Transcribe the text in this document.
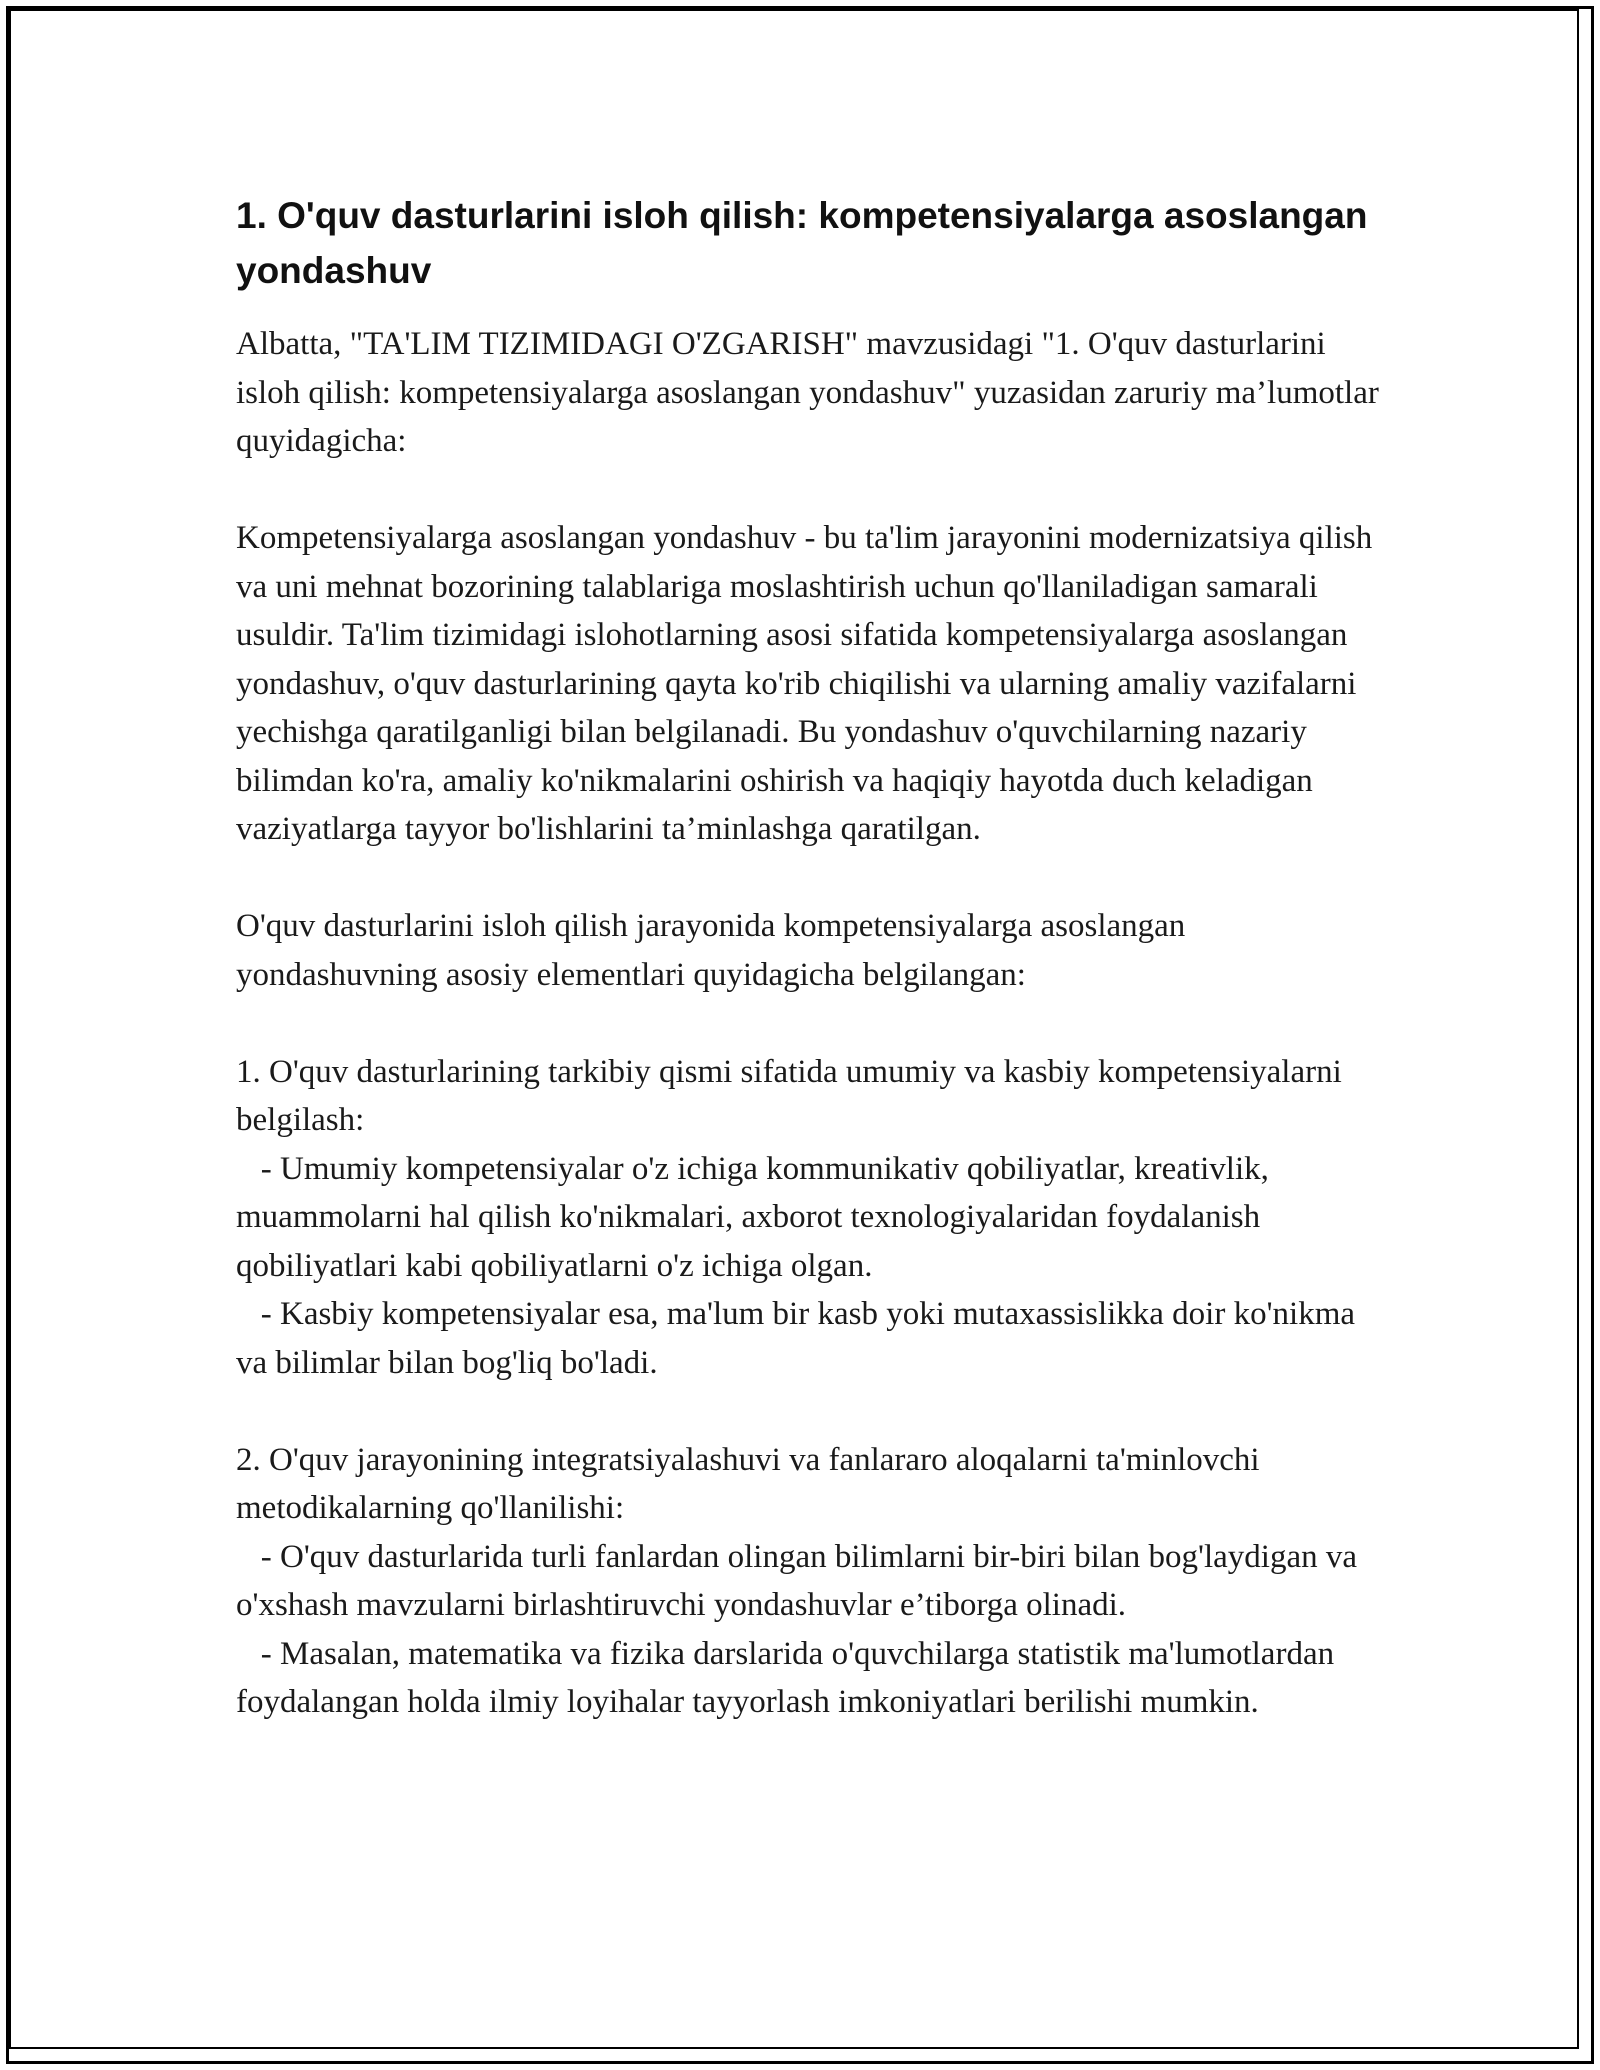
1. O'quv dasturlarini isloh qilish: kompetensiyalarga asoslangan yondashuv

Albatta, "TA'LIM TIZIMIDAGI O'ZGARISH" mavzusidagi "1. O'quv dasturlarini isloh qilish: kompetensiyalarga asoslangan yondashuv" yuzasidan zaruriy ma’lumotlar quyidagicha:

Kompetensiyalarga asoslangan yondashuv - bu ta'lim jarayonini modernizatsiya qilish va uni mehnat bozorining talablariga moslashtirish uchun qo'llaniladigan samarali usuldir. Ta'lim tizimidagi islohotlarning asosi sifatida kompetensiyalarga asoslangan yondashuv, o'quv dasturlarining qayta ko'rib chiqilishi va ularning amaliy vazifalarni yechishga qaratilganligi bilan belgilanadi. Bu yondashuv o'quvchilarning nazariy bilimdan ko'ra, amaliy ko'nikmalarini oshirish va haqiqiy hayotda duch keladigan vaziyatlarga tayyor bo'lishlarini ta’minlashga qaratilgan.

O'quv dasturlarini isloh qilish jarayonida kompetensiyalarga asoslangan yondashuvning asosiy elementlari quyidagicha belgilangan:

1. O'quv dasturlarining tarkibiy qismi sifatida umumiy va kasbiy kompetensiyalarni belgilash:

- Umumiy kompetensiyalar o'z ichiga kommunikativ qobiliyatlar, kreativlik, muammolarni hal qilish ko'nikmalari, axborot texnologiyalaridan foydalanish qobiliyatlari kabi qobiliyatlarni o'z ichiga olgan.

- Kasbiy kompetensiyalar esa, ma'lum bir kasb yoki mutaxassislikka doir ko'nikma va bilimlar bilan bog'liq bo'ladi.

2. O'quv jarayonining integratsiyalashuvi va fanlararo aloqalarni ta'minlovchi metodikalarning qo'llanilishi:

- O'quv dasturlarida turli fanlardan olingan bilimlarni bir-biri bilan bog'laydigan va o'xshash mavzularni birlashtiruvchi yondashuvlar e’tiborga olinadi.

- Masalan, matematika va fizika darslarida o'quvchilarga statistik ma'lumotlardan foydalangan holda ilmiy loyihalar tayyorlash imkoniyatlari berilishi mumkin.
